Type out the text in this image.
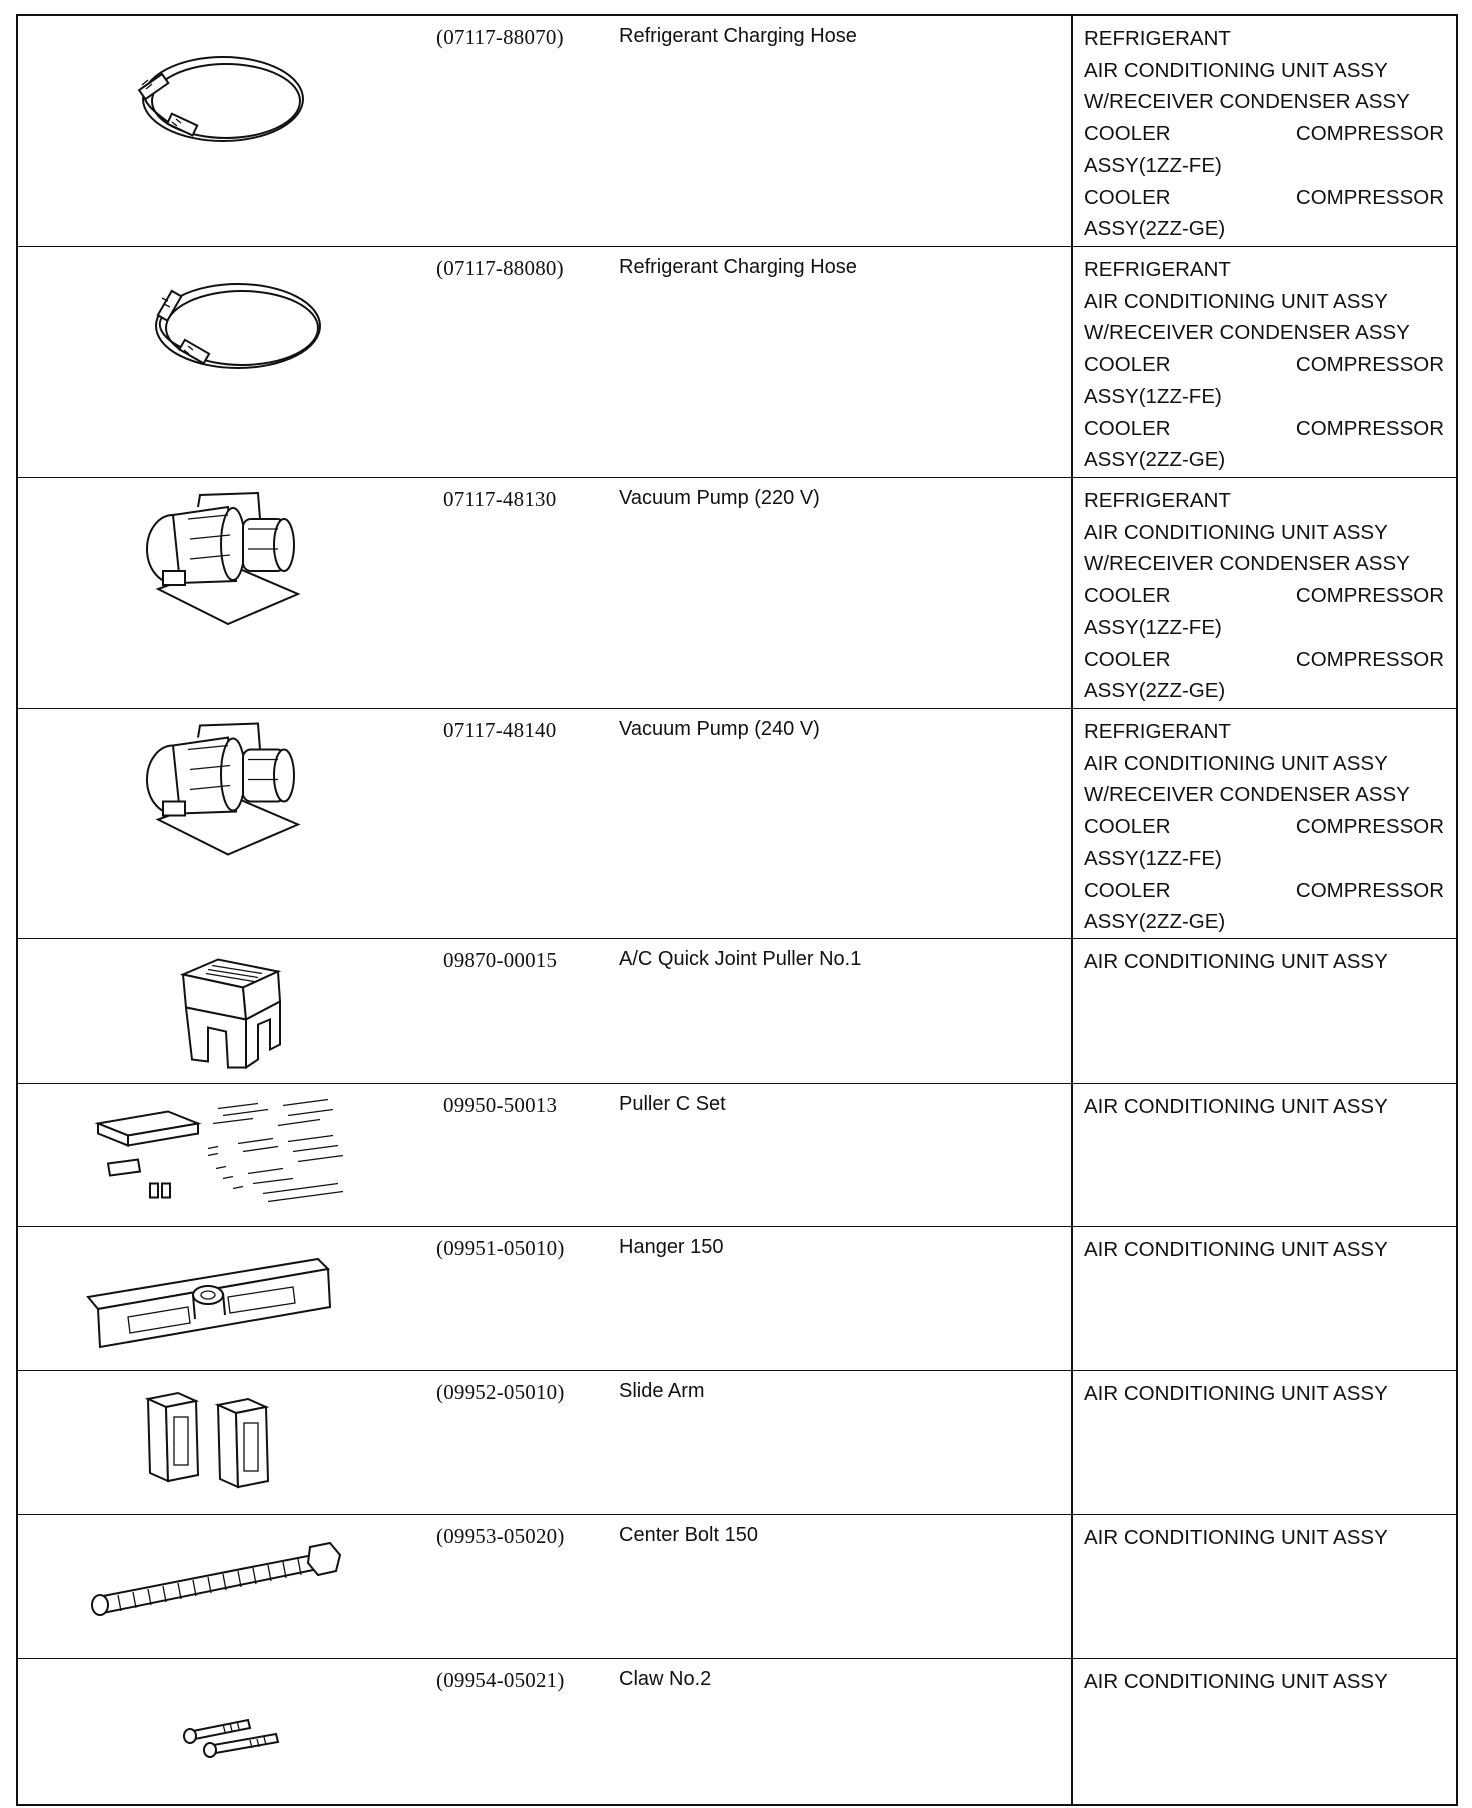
(07117-88070)	Refrigerant Charging Hose	REFRIGERANT
AIR CONDITIONING UNIT ASSY
W/RECEIVER CONDENSER ASSY
COOLER	COMPRESSOR
ASSY(1ZZ-FE)
COOLER	COMPRESSOR
ASSY(2ZZ-GE)
(07117-88080)	Refrigerant Charging Hose	REFRIGERANT
AIR CONDITIONING UNIT ASSY
W/RECEIVER CONDENSER ASSY
COOLER	COMPRESSOR
ASSY(1ZZ-FE)
COOLER	COMPRESSOR
ASSY(2ZZ-GE)
07117-48130	Vacuum Pump (220 V)	REFRIGERANT
AIR CONDITIONING UNIT ASSY
W/RECEIVER CONDENSER ASSY
COOLER	COMPRESSOR
ASSY(1ZZ-FE)
COOLER	COMPRESSOR
ASSY(2ZZ-GE)
07117-48140	Vacuum Pump (240 V)	REFRIGERANT
AIR CONDITIONING UNIT ASSY
W/RECEIVER CONDENSER ASSY
COOLER	COMPRESSOR
ASSY(1ZZ-FE)
COOLER	COMPRESSOR
ASSY(2ZZ-GE)
09870-00015	A/C Quick Joint Puller No.1	AIR CONDITIONING UNIT ASSY
09950-50013	Puller C Set	AIR CONDITIONING UNIT ASSY
(09951-05010)	Hanger 150	AIR CONDITIONING UNIT ASSY
(09952-05010)	Slide Arm	AIR CONDITIONING UNIT ASSY
(09953-05020)	Center Bolt 150	AIR CONDITIONING UNIT ASSY
(09954-05021)	Claw No.2	AIR CONDITIONING UNIT ASSY
